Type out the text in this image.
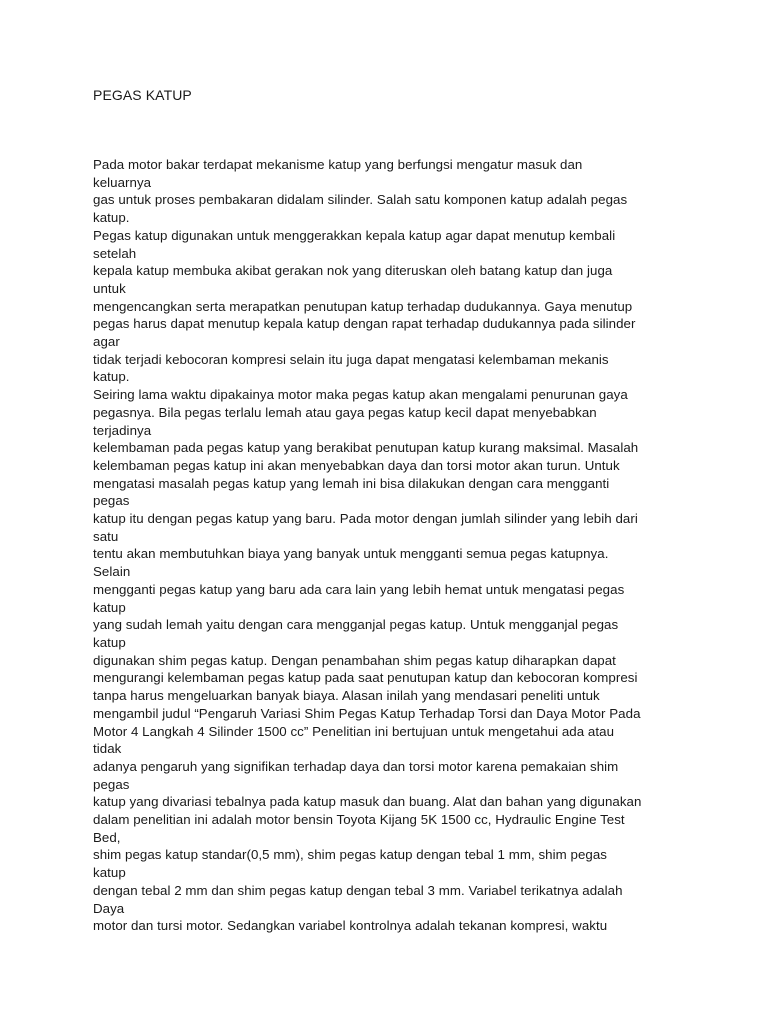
PEGAS KATUP
Pada motor bakar terdapat mekanisme katup yang berfungsi mengatur masuk dan
keluarnya
gas untuk proses pembakaran didalam silinder. Salah satu komponen katup adalah pegas
katup.
Pegas katup digunakan untuk menggerakkan kepala katup agar dapat menutup kembali
setelah
kepala katup membuka akibat gerakan nok yang diteruskan oleh batang katup dan juga
untuk
mengencangkan serta merapatkan penutupan katup terhadap dudukannya. Gaya menutup
pegas harus dapat menutup kepala katup dengan rapat terhadap dudukannya pada silinder
agar
tidak terjadi kebocoran kompresi selain itu juga dapat mengatasi kelembaman mekanis
katup.
Seiring lama waktu dipakainya motor maka pegas katup akan mengalami penurunan gaya
pegasnya. Bila pegas terlalu lemah atau gaya pegas katup kecil dapat menyebabkan
terjadinya
kelembaman pada pegas katup yang berakibat penutupan katup kurang maksimal. Masalah
kelembaman pegas katup ini akan menyebabkan daya dan torsi motor akan turun. Untuk
mengatasi masalah pegas katup yang lemah ini bisa dilakukan dengan cara mengganti
pegas
katup itu dengan pegas katup yang baru. Pada motor dengan jumlah silinder yang lebih dari
satu
tentu akan membutuhkan biaya yang banyak untuk mengganti semua pegas katupnya.
Selain
mengganti pegas katup yang baru ada cara lain yang lebih hemat untuk mengatasi pegas
katup
yang sudah lemah yaitu dengan cara mengganjal pegas katup. Untuk mengganjal pegas
katup
digunakan shim pegas katup. Dengan penambahan shim pegas katup diharapkan dapat
mengurangi kelembaman pegas katup pada saat penutupan katup dan kebocoran kompresi
tanpa harus mengeluarkan banyak biaya. Alasan inilah yang mendasari peneliti untuk
mengambil judul “Pengaruh Variasi Shim Pegas Katup Terhadap Torsi dan Daya Motor Pada
Motor 4 Langkah 4 Silinder 1500 cc” Penelitian ini bertujuan untuk mengetahui ada atau
tidak
adanya pengaruh yang signifikan terhadap daya dan torsi motor karena pemakaian shim
pegas
katup yang divariasi tebalnya pada katup masuk dan buang. Alat dan bahan yang digunakan
dalam penelitian ini adalah motor bensin Toyota Kijang 5K 1500 cc, Hydraulic Engine Test
Bed,
shim pegas katup standar(0,5 mm), shim pegas katup dengan tebal 1 mm, shim pegas
katup
dengan tebal 2 mm dan shim pegas katup dengan tebal 3 mm. Variabel terikatnya adalah
Daya
motor dan tursi motor. Sedangkan variabel kontrolnya adalah tekanan kompresi, waktu
